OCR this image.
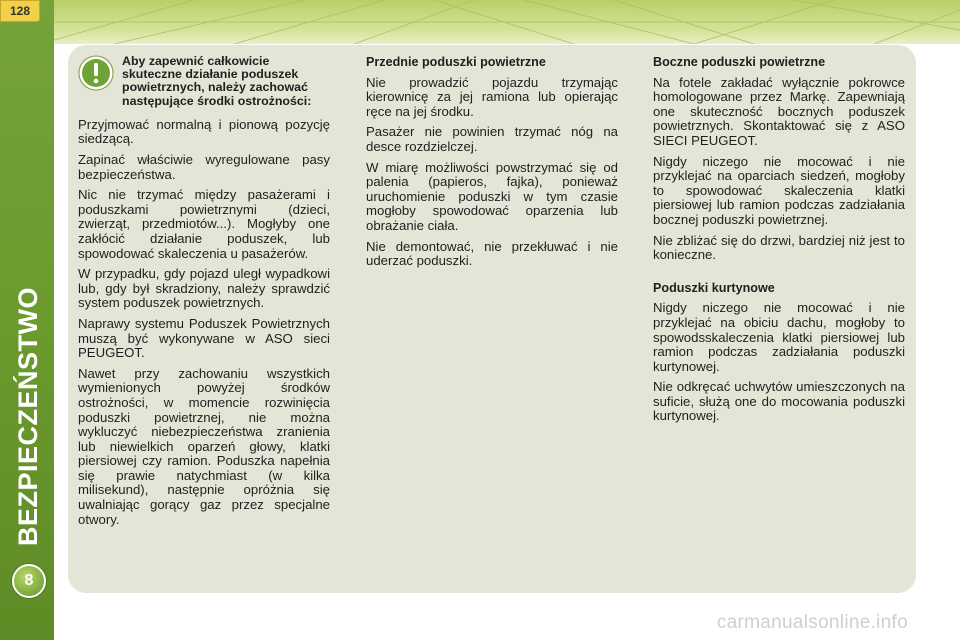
128
BEZPIECZEŃSTWO
8
Aby zapewnić całkowicie skuteczne działanie poduszek powietrznych, należy zachować następujące środki ostrożności:

Przyjmować normalną i pionową pozycję siedzącą.

Zapinać właściwie wyregulowane pasy bezpieczeństwa.

Nic nie trzymać między pasażerami i poduszkami powietrznymi (dzieci, zwierząt, przedmiotów...). Mogłyby one zakłócić działanie poduszek, lub spowodować skaleczenia u pasażerów.

W przypadku, gdy pojazd uległ wypadkowi lub, gdy był skradziony, należy sprawdzić system poduszek powietrznych.

Naprawy systemu Poduszek Powietrznych muszą być wykonywane w ASO sieci PEUGEOT.

Nawet przy zachowaniu wszystkich wymienionych powyżej środków ostrożności, w momencie rozwinięcia poduszki powietrznej, nie można wykluczyć niebezpieczeństwa zranienia lub niewielkich oparzeń głowy, klatki piersiowej czy ramion. Poduszka napełnia się prawie natychmiast (w kilka milisekund), następnie opróżnia się uwalniając gorący gaz przez specjalne otwory.

Przednie poduszki powietrzne

Nie prowadzić pojazdu trzymając kierownicę za jej ramiona lub opierając ręce na jej środku.

Pasażer nie powinien trzymać nóg na desce rozdzielczej.

W miarę możliwości powstrzymać się od palenia (papieros, fajka), ponieważ uruchomienie poduszki w tym czasie mogłoby spowodować oparzenia lub obrażanie ciała.

Nie demontować, nie przekłuwać i nie uderzać poduszki.

Boczne poduszki powietrzne

Na fotele zakładać wyłącznie pokrowce homologowane przez Markę. Zapewniają one skuteczność bocznych poduszek powietrznych. Skontaktować się z ASO SIECI PEUGEOT.

Nigdy niczego nie mocować i nie przyklejać na oparciach siedzeń, mogłoby to spowodować skaleczenia klatki piersiowej lub ramion podczas zadziałania bocznej poduszki powietrznej.

Nie zbliżać się do drzwi, bardziej niż jest to konieczne.

Poduszki kurtynowe

Nigdy niczego nie mocować i nie przyklejać na obiciu dachu, mogłoby to spowodsskaleczenia klatki piersiowej lub ramion podczas zadziałania poduszki kurtynowej.

Nie odkręcać uchwytów umieszczonych na suficie, służą one do mocowania poduszki kurtynowej.

carmanualsonline.info
